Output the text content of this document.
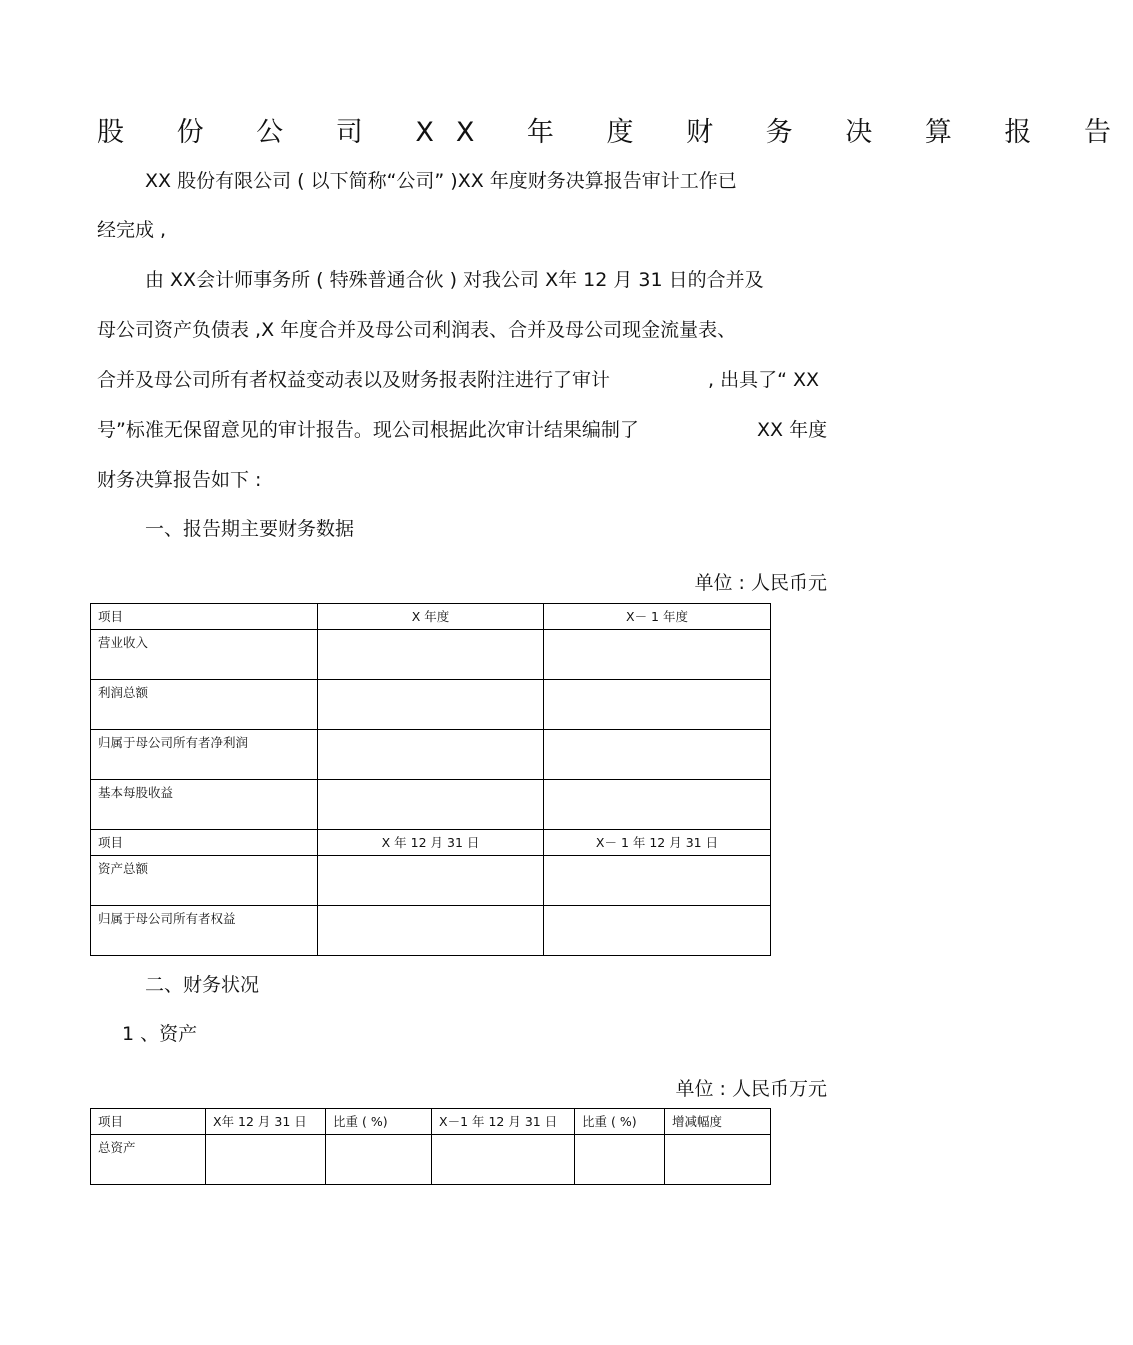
股 份 公 司 XX 年 度 财 务 决 算 报 告
XX 股份有限公司 ( 以下简称“公司” )XX 年度财务决算报告审计工作已
经完成 ,
由 XX会计师事务所 ( 特殊普通合伙 ) 对我公司 X年 12 月 31 日的合并及
母公司资产负债表 ,X 年度合并及母公司利润表、合并及母公司现金流量表、
合并及母公司所有者权益变动表以及财务报表附注进行了审计	, 出具了“ XX
号”标准无保留意见的审计报告。现公司根据此次审计结果编制了	XX 年度
财务决算报告如下 :
一、报告期主要财务数据
单位 : 人民币元
项目	X 年度	X－ 1 年度
营业收入		
利润总额		
归属于母公司所有者净利润		
基本每股收益		
项目	X 年 12 月 31 日	X－ 1 年 12 月 31 日
资产总额		
归属于母公司所有者权益		
二、财务状况
1 、资产
单位 : 人民币万元
项目	X年 12 月 31 日	比重 ( %)	X－1 年 12 月 31 日	比重 ( %)	增减幅度
总资产					
